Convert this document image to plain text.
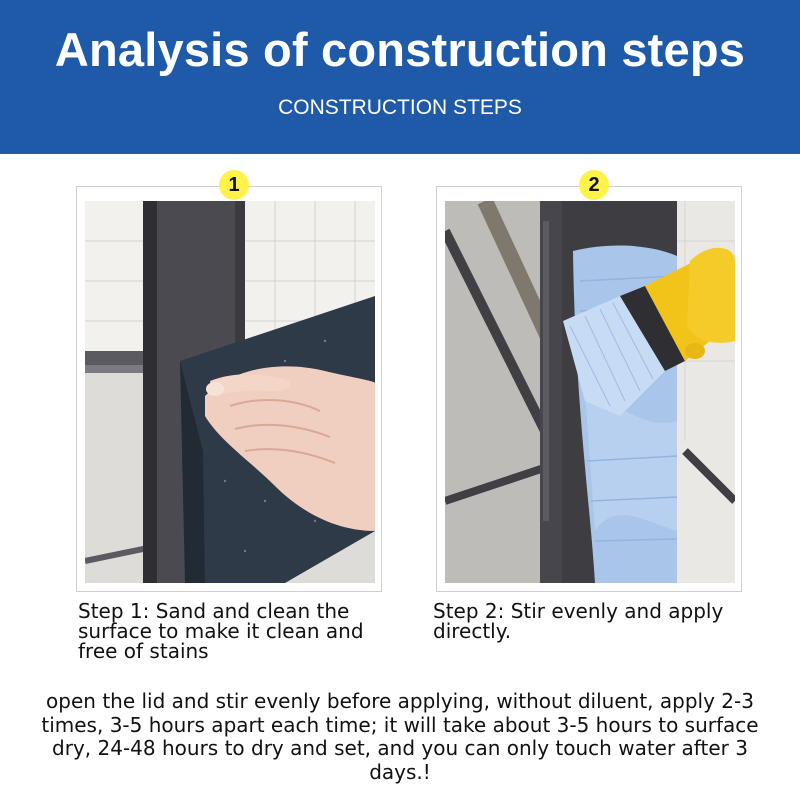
Analysis of construction steps
CONSTRUCTION STEPS
1	2
Step 1: Sand and clean the surface to make it clean and free of stains
Step 2: Stir evenly and apply directly.
open the lid and stir evenly before applying, without diluent, apply 2-3 times, 3-5 hours apart each time; it will take about 3-5 hours to surface dry, 24-48 hours to dry and set, and you can only touch water after 3 days.!
